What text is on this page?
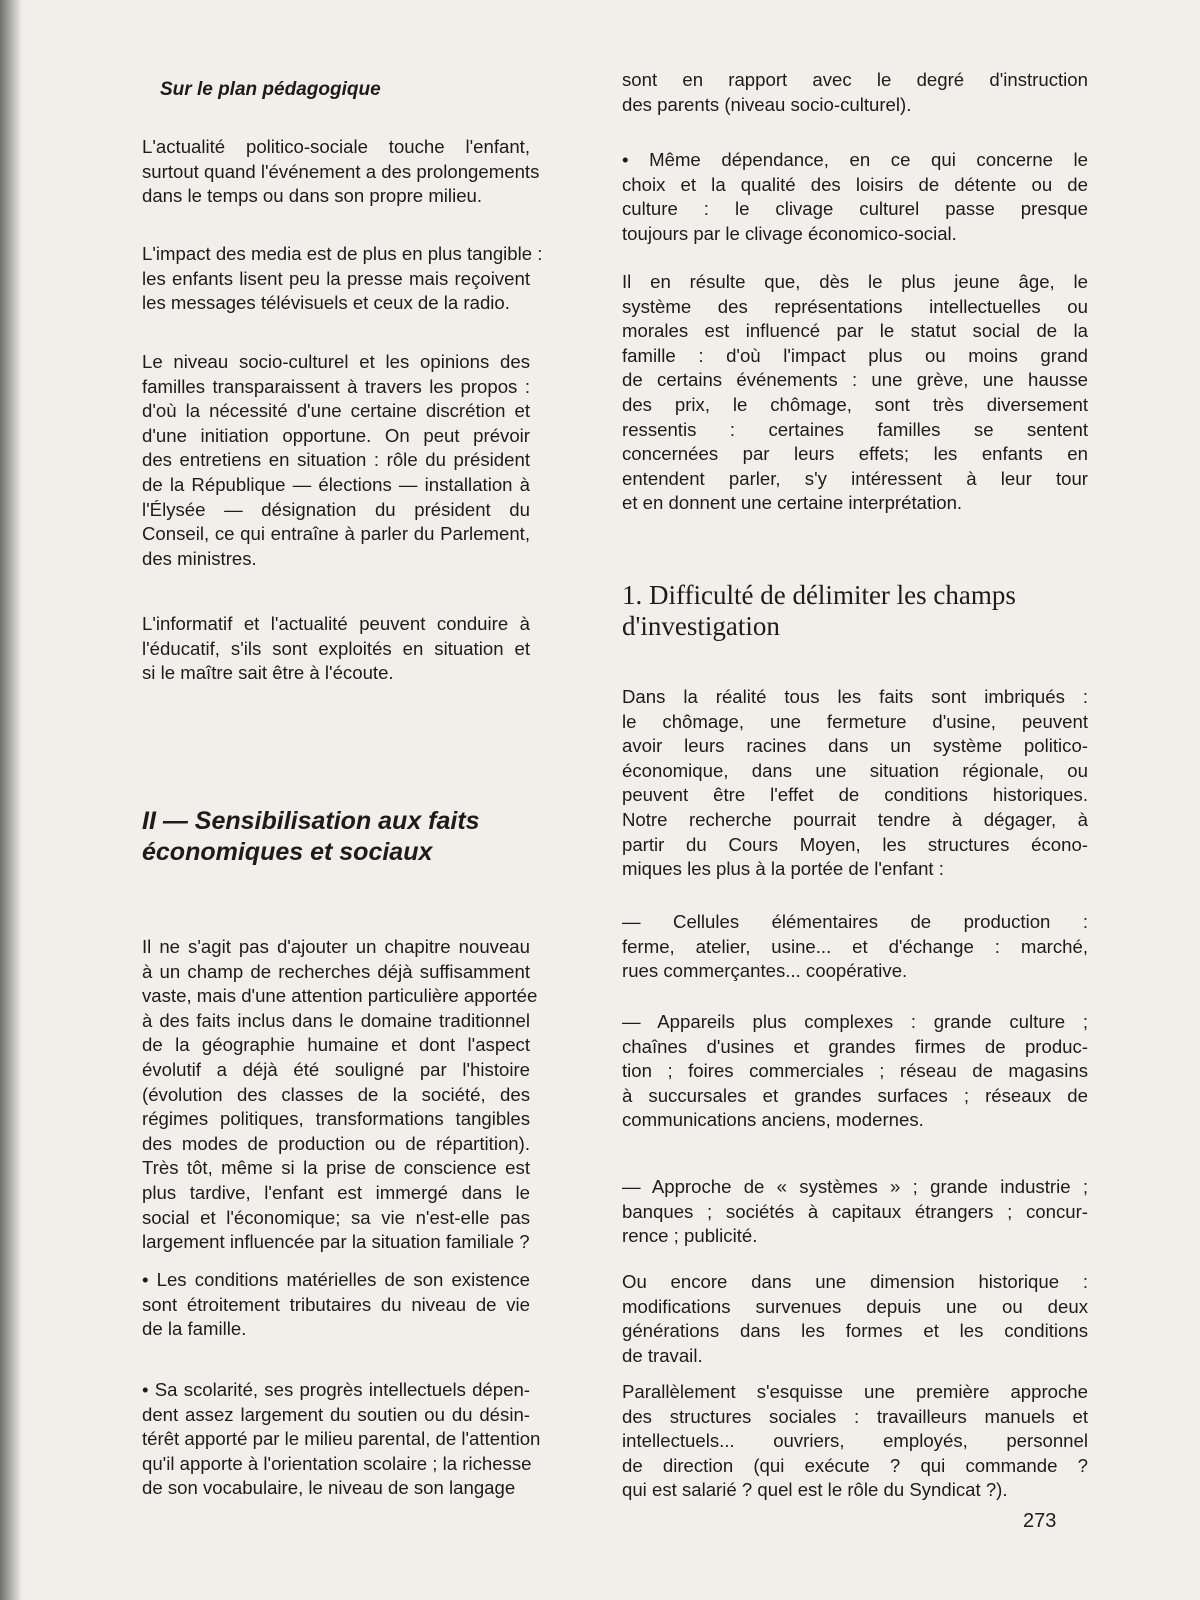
Sur le plan pédagogique
L'actualité politico-sociale touche l'enfant,
surtout quand l'événement a des prolongements
dans le temps ou dans son propre milieu.
L'impact des media est de plus en plus tangible :
les enfants lisent peu la presse mais reçoivent
les messages télévisuels et ceux de la radio.
Le niveau socio-culturel et les opinions des
familles transparaissent à travers les propos :
d'où la nécessité d'une certaine discrétion et
d'une initiation opportune. On peut prévoir
des entretiens en situation : rôle du président
de la République — élections — installation à
l'Élysée — désignation du président du
Conseil, ce qui entraîne à parler du Parlement,
des ministres.
L'informatif et l'actualité peuvent conduire à
l'éducatif, s'ils sont exploités en situation et
si le maître sait être à l'écoute.
II — Sensibilisation aux faits
économiques et sociaux
Il ne s'agit pas d'ajouter un chapitre nouveau
à un champ de recherches déjà suffisamment
vaste, mais d'une attention particulière apportée
à des faits inclus dans le domaine traditionnel
de la géographie humaine et dont l'aspect
évolutif a déjà été souligné par l'histoire
(évolution des classes de la société, des
régimes politiques, transformations tangibles
des modes de production ou de répartition).
Très tôt, même si la prise de conscience est
plus tardive, l'enfant est immergé dans le
social et l'économique; sa vie n'est-elle pas
largement influencée par la situation familiale ?
• Les conditions matérielles de son existence
sont étroitement tributaires du niveau de vie
de la famille.
• Sa scolarité, ses progrès intellectuels dépen-
dent assez largement du soutien ou du désin-
térêt apporté par le milieu parental, de l'attention
qu'il apporte à l'orientation scolaire ; la richesse
de son vocabulaire, le niveau de son langage
sont en rapport avec le degré d'instruction
des parents (niveau socio-culturel).
• Même dépendance, en ce qui concerne le
choix et la qualité des loisirs de détente ou de
culture : le clivage culturel passe presque
toujours par le clivage économico-social.
Il en résulte que, dès le plus jeune âge, le
système des représentations intellectuelles ou
morales est influencé par le statut social de la
famille : d'où l'impact plus ou moins grand
de certains événements : une grève, une hausse
des prix, le chômage, sont très diversement
ressentis : certaines familles se sentent
concernées par leurs effets; les enfants en
entendent parler, s'y intéressent à leur tour
et en donnent une certaine interprétation.
1. Difficulté de délimiter les champs
d'investigation
Dans la réalité tous les faits sont imbriqués :
le chômage, une fermeture d'usine, peuvent
avoir leurs racines dans un système politico-
économique, dans une situation régionale, ou
peuvent être l'effet de conditions historiques.
Notre recherche pourrait tendre à dégager, à
partir du Cours Moyen, les structures écono-
miques les plus à la portée de l'enfant :
— Cellules élémentaires de production :
ferme, atelier, usine... et d'échange : marché,
rues commerçantes... coopérative.
— Appareils plus complexes : grande culture ;
chaînes d'usines et grandes firmes de produc-
tion ; foires commerciales ; réseau de magasins
à succursales et grandes surfaces ; réseaux de
communications anciens, modernes.
— Approche de « systèmes » ; grande industrie ;
banques ; sociétés à capitaux étrangers ; concur-
rence ; publicité.
Ou encore dans une dimension historique :
modifications survenues depuis une ou deux
générations dans les formes et les conditions
de travail.
Parallèlement s'esquisse une première approche
des structures sociales : travailleurs manuels et
intellectuels... ouvriers, employés, personnel
de direction (qui exécute ? qui commande ?
qui est salarié ? quel est le rôle du Syndicat ?).
273
